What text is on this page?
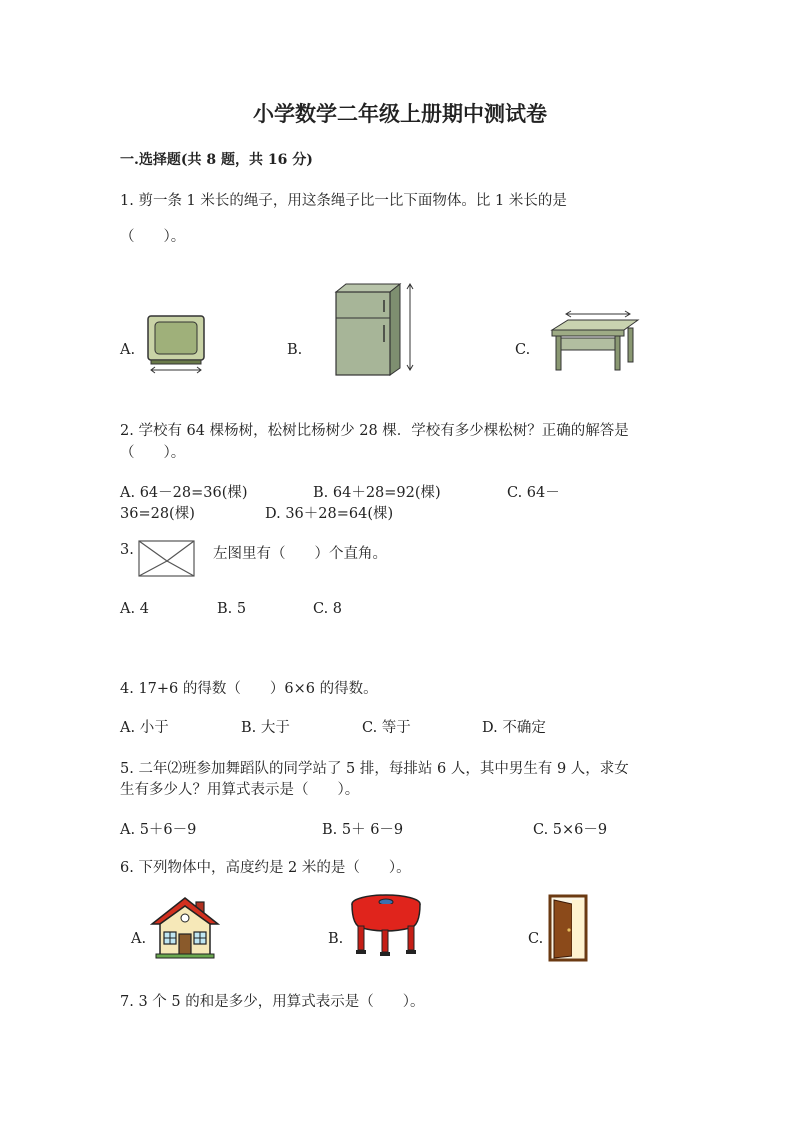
小学数学二年级上册期中测试卷
一.选择题(共 8 题，共 16 分)
1. 剪一条 1 米长的绳子，用这条绳子比一比下面物体。比 1 米长的是
（　　）。
A.	B.	C.
2. 学校有 64 棵杨树，松树比杨树少 28 棵．学校有多少棵松树？正确的解答是
（　　）。
A. 64－28=36(棵)	B. 64＋28=92(棵)	C. 64－
36=28(棵)	D. 36＋28=64(棵)
3.	左图里有（　　）个直角。
A. 4	B. 5	C. 8
4. 17+6 的得数（　　）6×6 的得数。
A. 小于	B. 大于	C. 等于	D. 不确定
5. 二年⑵班参加舞蹈队的同学站了 5 排，每排站 6 人，其中男生有 9 人，求女
生有多少人？用算式表示是（　　）。
A. 5＋6－9	B. 5＋ 6－9	C. 5×6－9
6. 下列物体中，高度约是 2 米的是（　　）。
A.	B.	C.
7. 3 个 5 的和是多少，用算式表示是（　　）。
